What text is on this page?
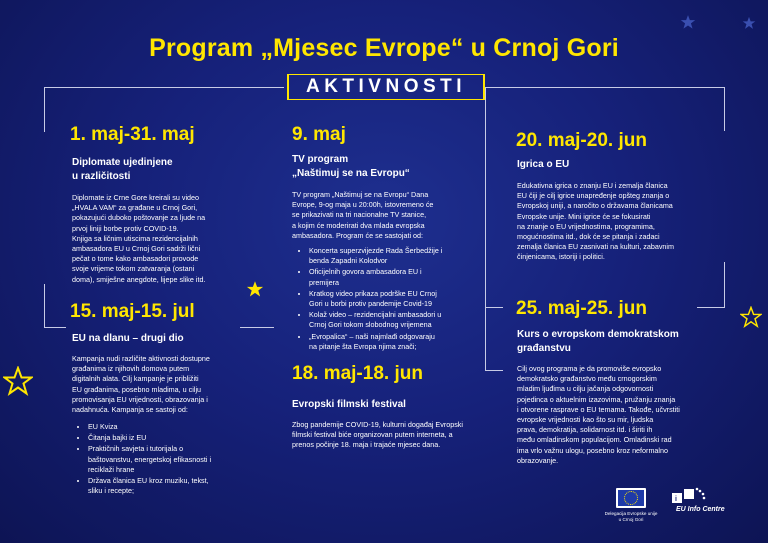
Program „Mjesec Evrope“ u Crnoj Gori
AKTIVNOSTI
1. maj-31. maj
Diplomate ujedinjene
u različitosti
Diplomate iz Crne Gore kreirali su video
„HVALA VAM“ za građane u Crnoj Gori,
pokazujući duboko poštovanje za ljude na
prvoj liniji borbe protiv COVID-19.
Knjiga sa ličnim utiscima rezidencijalnih
ambasadora EU u Crnoj Gori sadrži lični
pečat o tome kako ambasadori provode
svoje vrijeme tokom zatvaranja (ostani
doma), smiješne anegdote, lijepe slike itd.
15. maj-15. jul
EU na dlanu – drugi dio
Kampanja nudi različite aktivnosti dostupne
građanima iz njihovih domova putem
digitalnih alata. Cilj kampanje je približiti
EU građanima, posebno mladima, u cilju
promovisanja EU vrijednosti, obrazovanja i
nadahnuća. Kampanja se sastoji od:
• EU Kviza
• Čitanja bajki iz EU
• Praktičnih savjeta i tutorijala o
baštovanstvu, energetskoj efikasnosti i
reciklaži hrane
• Država članica EU kroz muziku, tekst,
sliku i recepte;
9. maj
TV program
„Naštimuj se na Evropu“
TV program „Naštimuj se na Evropu“ Dana
Evrope, 9-og maja u 20:00h, istovremeno će
se prikazivati na tri nacionalne TV stanice,
a kojim će moderirati dva mlada evropska
ambasadora. Program će se sastojati od:
• Koncerta superzvijezde Rada Šerbedžije i
benda Zapadni Kolodvor
• Oficijelnih govora ambasadora EU i
premijera
• Kratkog video prikaza podrške EU Crnoj
Gori u borbi protiv pandemije Covid-19
• Kolaž video – rezidencijalni ambasadori u
Crnoj Gori tokom slobodnog vrijemena
• „Evropalica“ – naši najmlađi odgovaraju
na pitanje šta Evropa njima znači;
18. maj-18. jun
Evropski filmski festival
Zbog pandemije COVID-19, kulturni događaj Evropski
filmski festival biće organizovan putem interneta, a
prenos počinje 18. maja i trajaće mjesec dana.
20. maj-20. jun
Igrica o EU
Edukativna igrica o znanju EU i zemalja članica
EU čiji je cilj igrice unapređenje opšteg znanja o
Evropskoj uniji, a naročito o državama članicama
Evropske unije. Mini igrice će se fokusirati
na znanje o EU vrijednostima, programima,
mogućnostima itd., dok će se pitanja i zadaci
zemalja članica EU zasnivati na kulturi, zabavnim
činjenicama, istoriji i politici.
25. maj-25. jun
Kurs o evropskom demokratskom
građanstvu
Cilj ovog programa je da promoviše evropsko
demokratsko građanstvo među crnogorskim
mladim ljuđima u cilju jačanja odgovornosti
pojedinca o aktuelnim izazovima, pružanju znanja
i otvorene rasprave o EU temama. Takođe, učvrstiti
evropske vrijednosti kao što su mir, ljudska
prava, demokratija, solidarnost itd. i širiti ih
među omladinskom populacijom. Omladinski rad
ima vrlo važnu ulogu, posebno kroz neformalno
obrazovanje.
Delegacija Evropske unije
u Crnoj Gori
i
EU Info Centre
